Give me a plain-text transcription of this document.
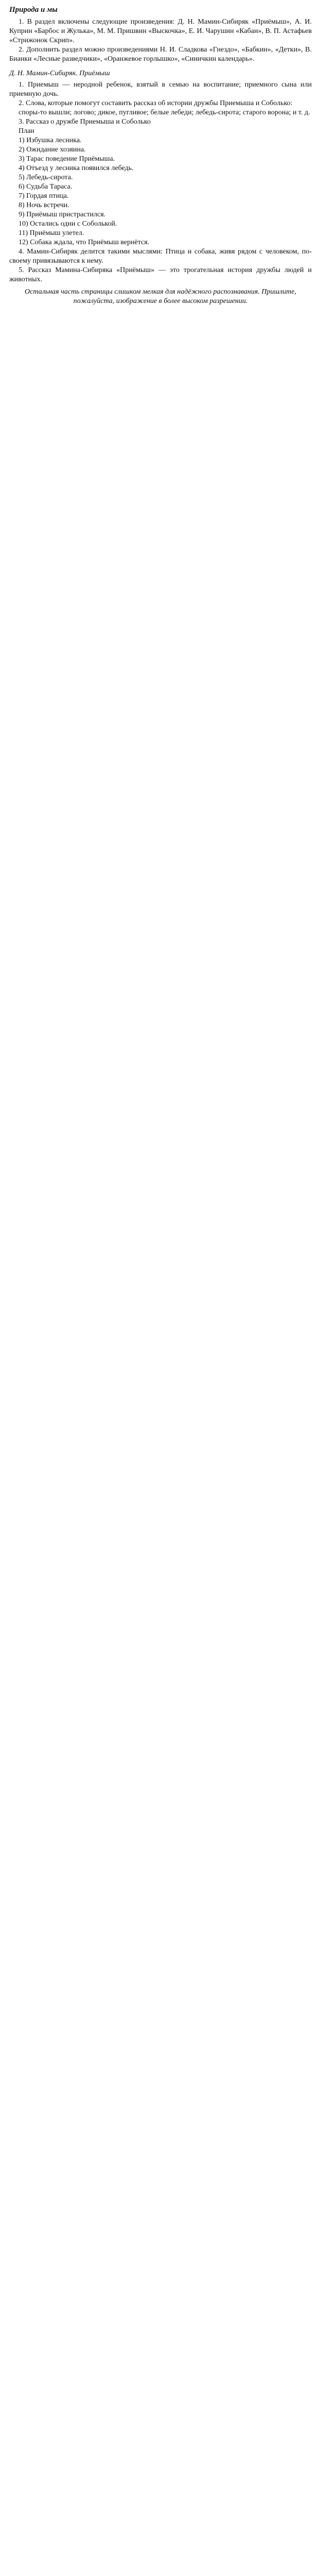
Природа и мы

1. В раздел включены следующие произведения: Д. Н. Мамин-Сибиряк «Приёмыш», А. И. Куприн «Барбос и Жулька», М. М. Пришвин «Выскочка», Е. И. Чарушин «Кабан», В. П. Астафьев «Стрижонок Скрип».

2. Дополнить раздел можно произведениями Н. И. Сладкова «Гнездо», «Бабкин», «Детки», В. Бианки «Лесные разведчики», «Оранжевое горлышко», «Синичкин календарь».

Д. Н. Мамин-Сибиряк. Приёмыш

1. Приемыш — неродной ребенок, взятый в семью на воспитание; приемного сына или приемную дочь.

2. Слова, которые помогут составить рассказ об истории дружбы Приемыша и Соболько:

споры-то вышли; логово; дикое, пугливое; белые лебеди; лебедь-сирота; старого ворона; и т. д.

3. Рассказ о дружбе Приемыша и Соболько

План

1) Избушка лесника.

2) Ожидание хозяина.

3) Тарас поведение Приёмыша.

4) Отъезд у лесника появился лебедь.

5) Лебедь-сирота.

6) Судьба Тараса.

7) Гордая птица.

8) Ночь встречи.

9) Приёмыш пристрастился.

10) Остались одни с Соболькой.

11) Приёмыш улетел.

12) Собака ждала, что Приёмыш вернётся.

4. Мамин-Сибиряк делится такими мыслями: Птица и собака, живя рядом с человеком, по-своему привязываются к нему.

5. Рассказ Мамина-Сибиряка «Приёмыш» — это трогательная история дружбы людей и животных.

Остальная часть страницы слишком мелкая для надёжного распознавания. Пришлите, пожалуйста, изображение в более высоком разрешении.
